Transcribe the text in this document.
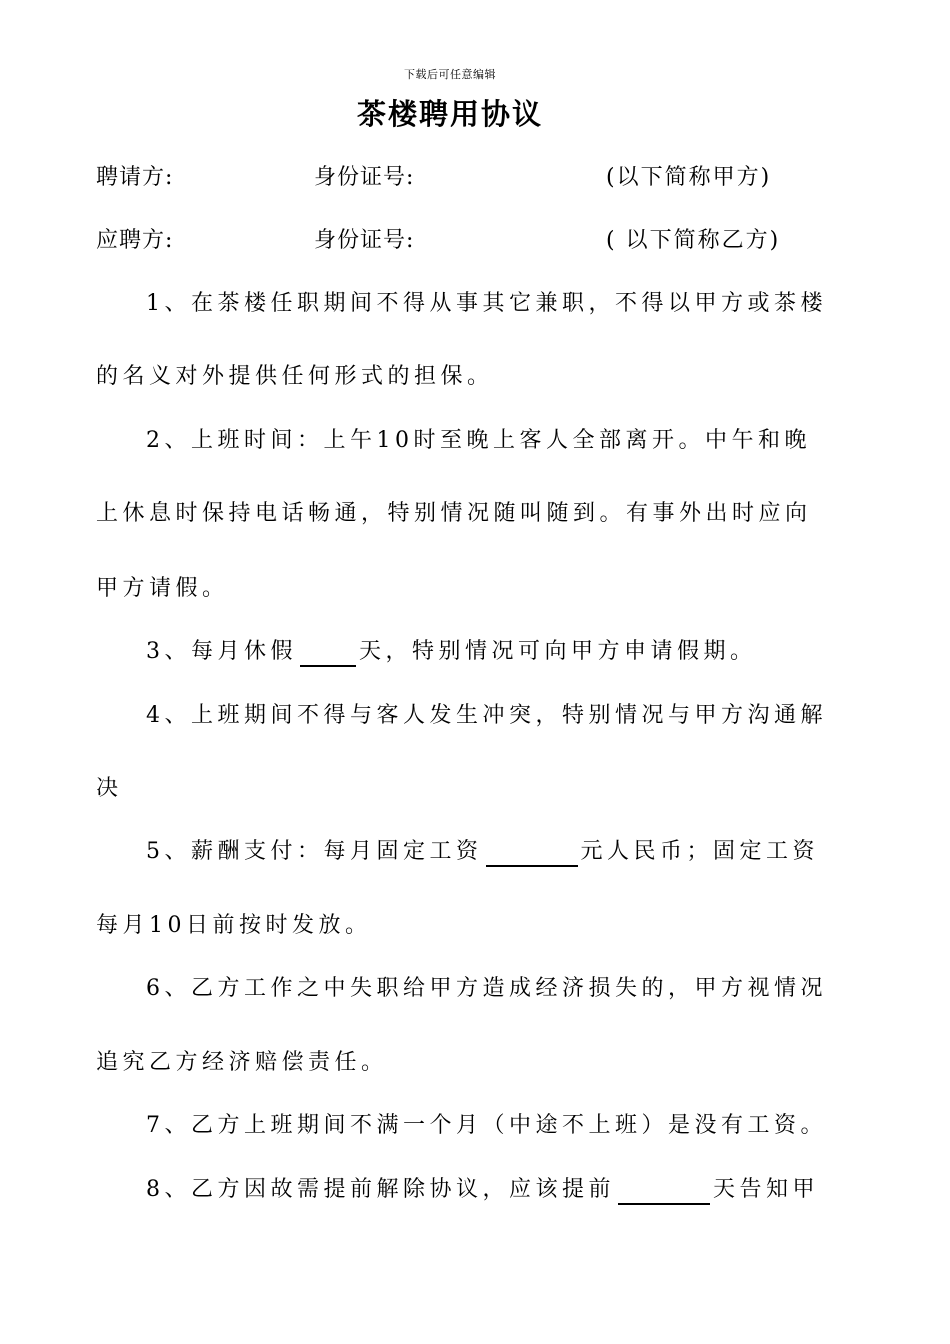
下载后可任意编辑
茶楼聘用协议
聘请方:	身份证号:	(以下简称甲方)
应聘方:	身份证号:	( 以下简称乙方)
1、在茶楼任职期间不得从事其它兼职，不得以甲方或茶楼
的名义对外提供任何形式的担保。
2、上班时间：上午10时至晚上客人全部离开。中午和晚
上休息时保持电话畅通，特别情况随叫随到。有事外出时应向
甲方请假。
3、每月休假	天，特别情况可向甲方申请假期。
4、上班期间不得与客人发生冲突，特别情况与甲方沟通解
决
5、薪酬支付：每月固定工资	元人民币；固定工资
每月10日前按时发放。
6、乙方工作之中失职给甲方造成经济损失的，甲方视情况
追究乙方经济赔偿责任。
7、乙方上班期间不满一个月（中途不上班）是没有工资。
8、乙方因故需提前解除协议，应该提前	天告知甲
